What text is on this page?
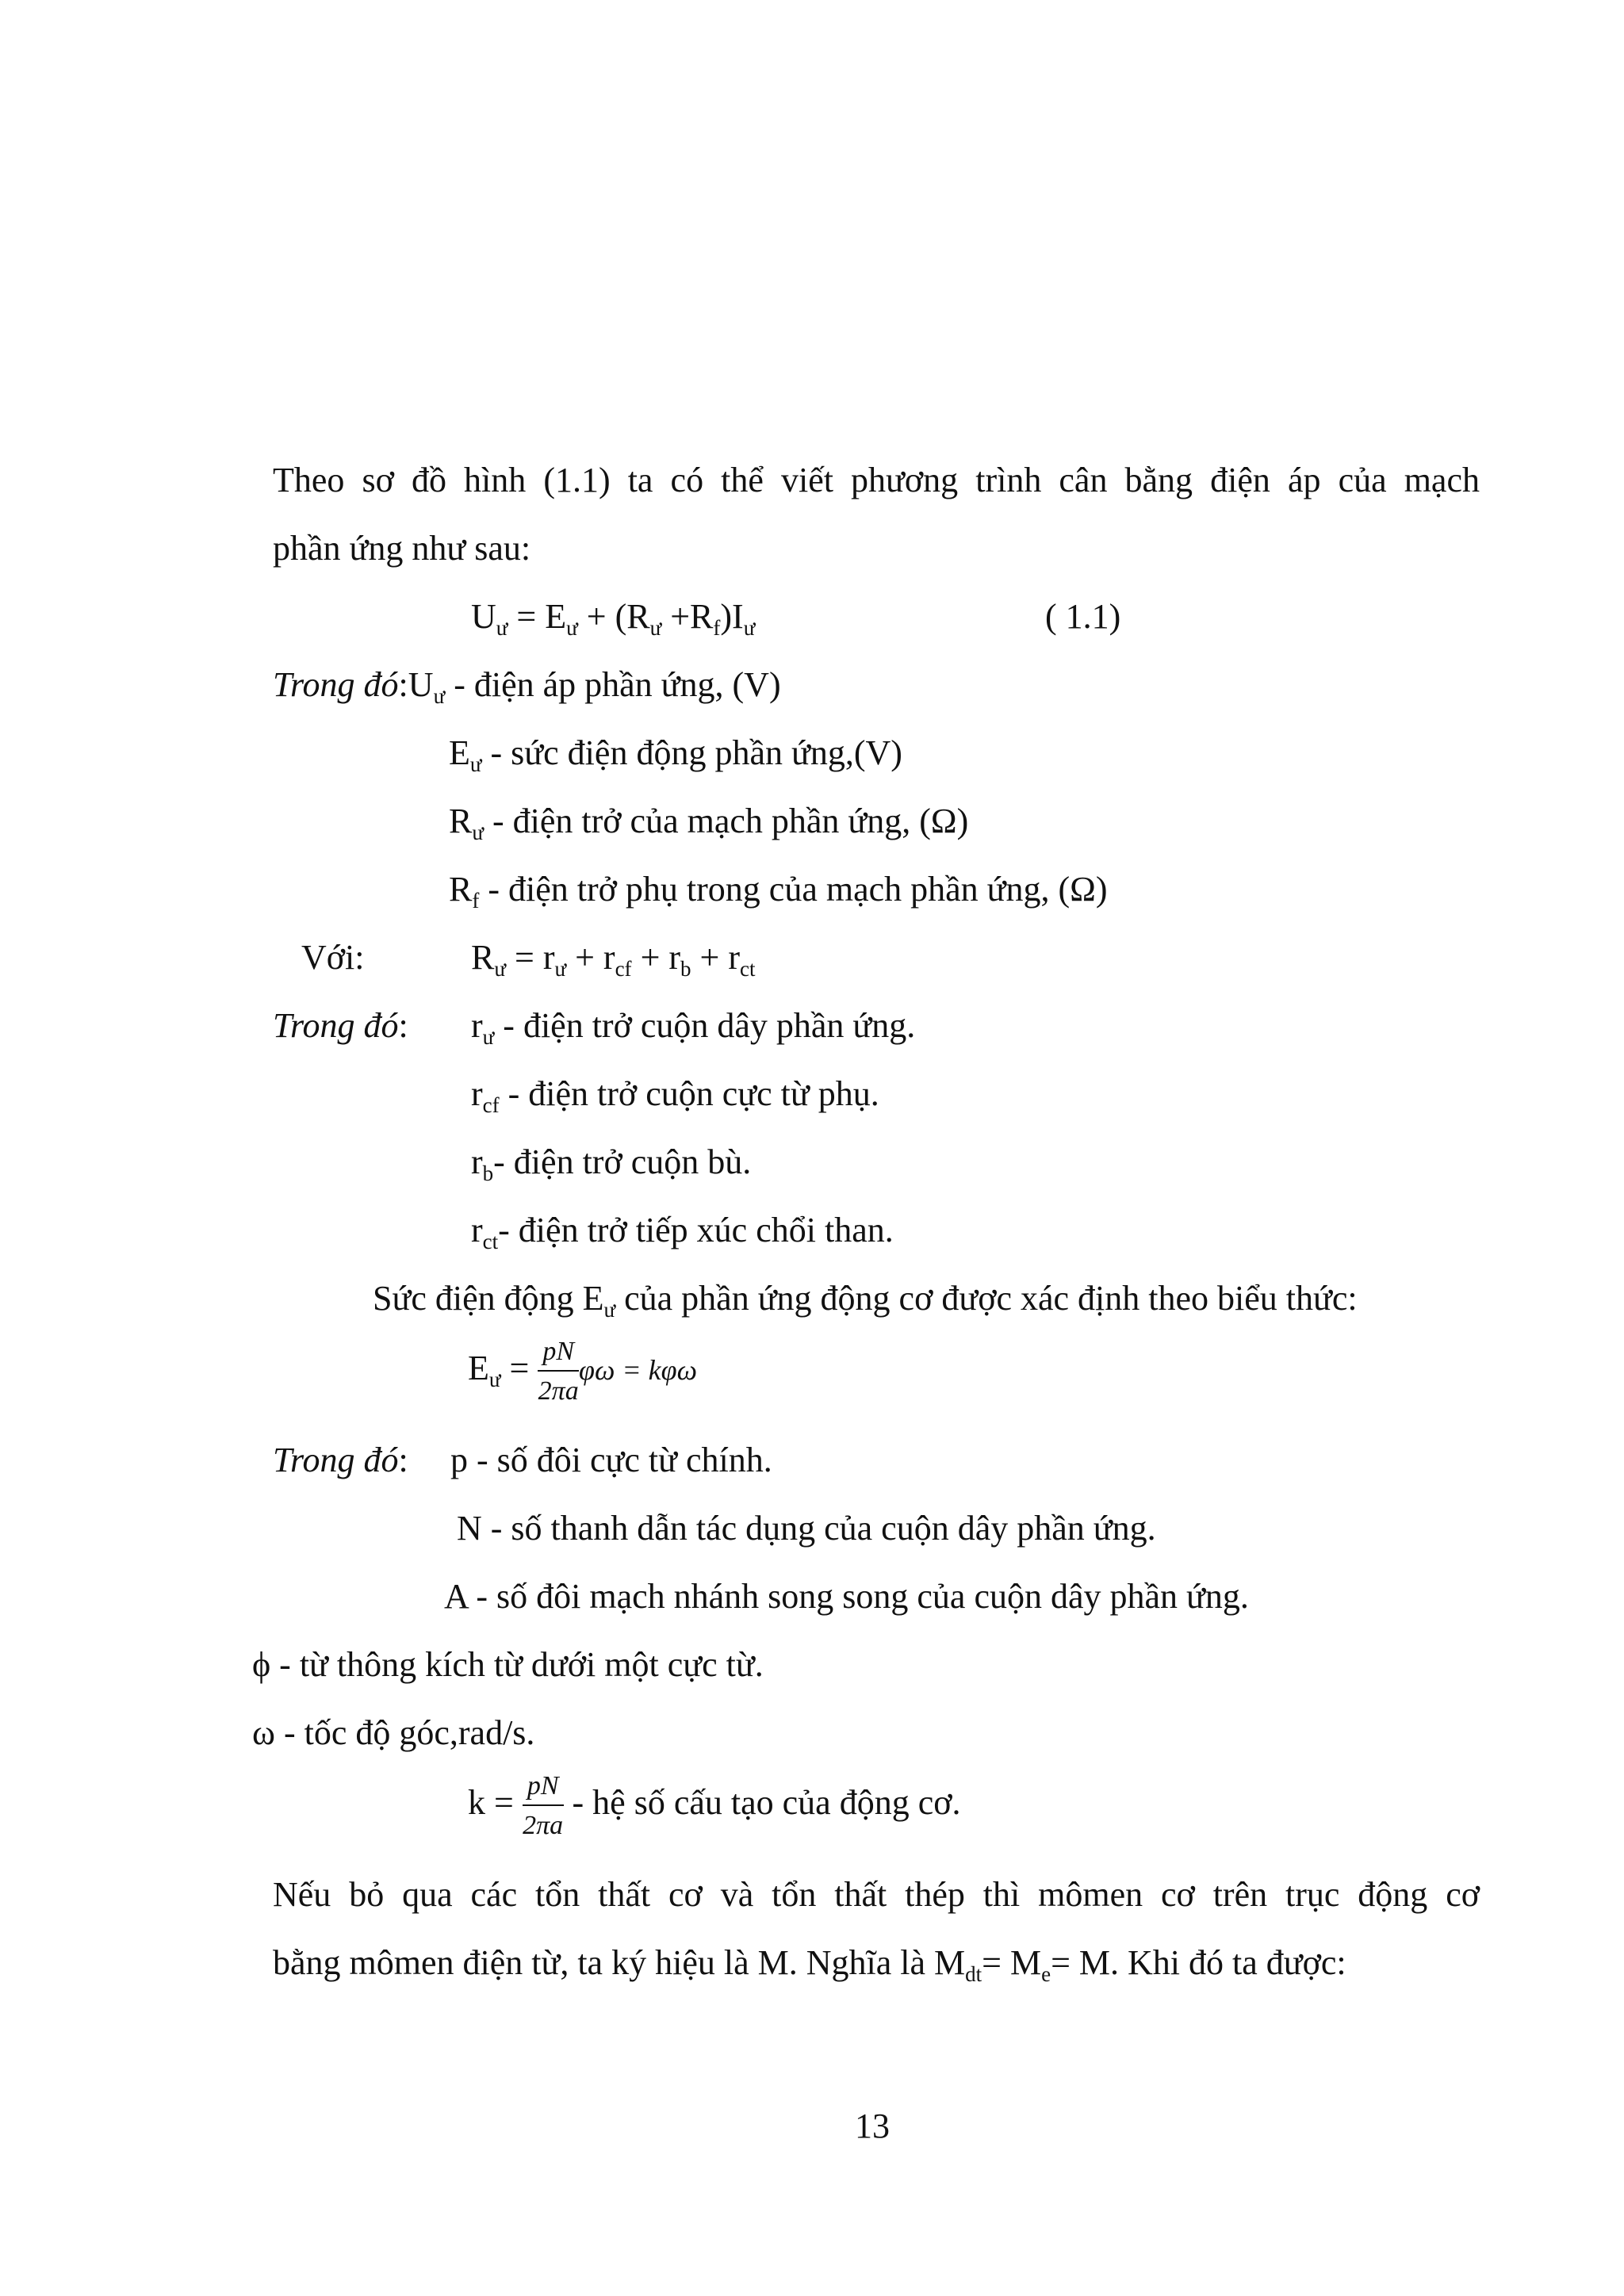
Theo sơ đồ hình (1.1) ta có thể viết phương trình cân bằng điện áp của mạch
phần ứng như sau:
$U_ư = E_ư + (R_ư +R_f)I_ư$	( 1.1)
Trong $đó:U_ư$ - điện áp phần ứng, (V)
$E_ư$ - sức điện động phần ứng,(V)
$R_ư$ - điện trở của mạch phần ứng, (Ω)
$R_f$ - điện trở phụ trong của mạch phần ứng, (Ω)
Với:	$R_ư = r_ư + r_{cf} + r_b + r_{ct}$
Trong đó: $r_ư$ - điện trở cuộn dây phần ứng.
$r_{cf}$ - điện trở cuộn cực từ phụ.
$r_b-$ điện trở cuộn bù.
$r_{ct}-$ điện trở tiếp xúc chổi than.
Sức điện động $E_ư$ của phần ứng động cơ được xác định theo biểu thức:
$E_ư = \frac{pN}{2\pi a}$ φω = kφω
Trong đó: p - số đôi cực từ chính.
N - số thanh dẫn tác dụng của cuộn dây phần ứng.
A - số đôi mạch nhánh song song của cuộn dây phần ứng.
ϕ - từ thông kích từ dưới một cực từ.
ω - tốc độ góc,rad/s.
$k = \frac{pN}{2\pi a}$ - hệ số cấu tạo của động cơ.
Nếu bỏ qua các tổn thất cơ và tổn thất thép thì mômen cơ trên trục động cơ
bằng mômen điện từ, ta ký hiệu là M. Nghĩa là $M_{dt}= M_e= M$. Khi đó ta được:
13
